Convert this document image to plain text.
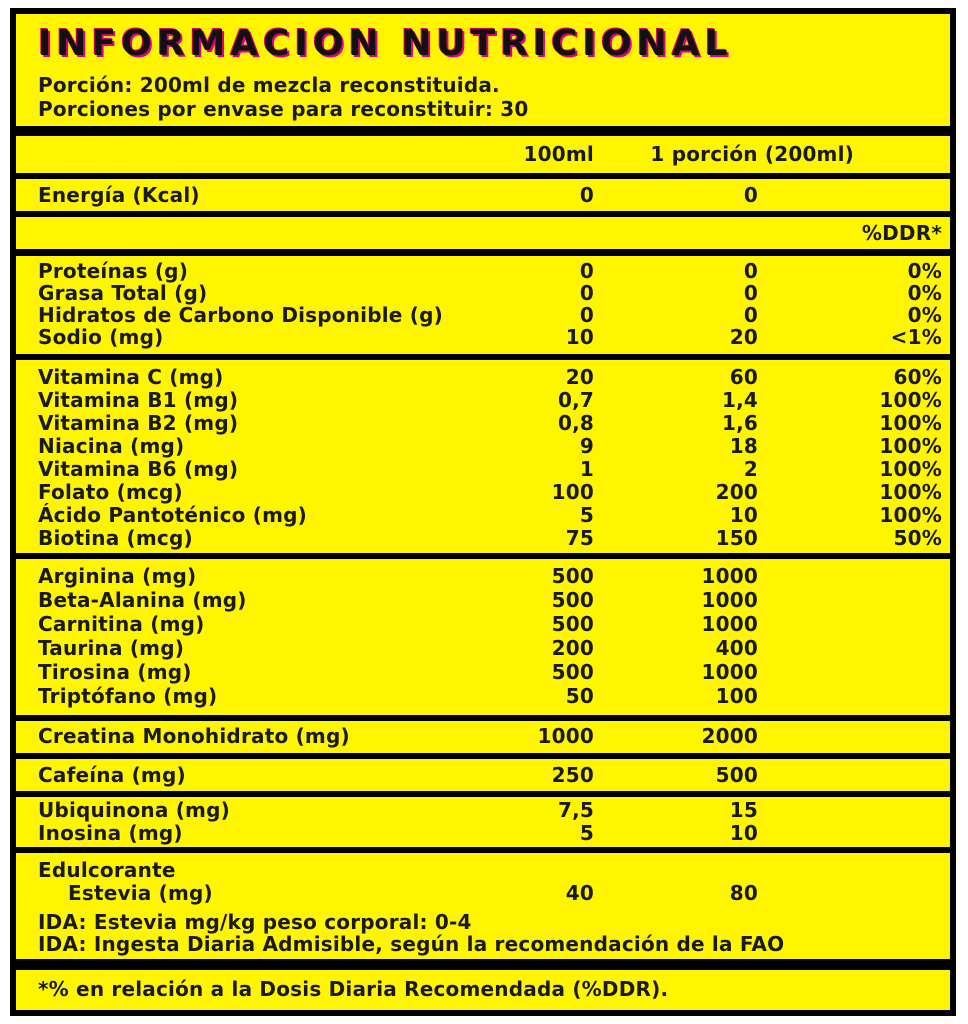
INFORMACION NUTRICIONAL
Porción: 200ml de mezcla reconstituida.
Porciones por envase para reconstituir: 30
100ml	1 porción (200ml)
Energía (Kcal)	0	0
%DDR*
Proteínas (g)	0	0	0%
Grasa Total (g)	0	0	0%
Hidratos de Carbono Disponible (g)	0	0	0%
Sodio (mg)	10	20	<1%
Vitamina C (mg)	20	60	60%
Vitamina B1 (mg)	0,7	1,4	100%
Vitamina B2 (mg)	0,8	1,6	100%
Niacina (mg)	9	18	100%
Vitamina B6 (mg)	1	2	100%
Folato (mcg)	100	200	100%
Ácido Pantoténico (mg)	5	10	100%
Biotina (mcg)	75	150	50%
Arginina (mg)	500	1000
Beta-Alanina (mg)	500	1000
Carnitina (mg)	500	1000
Taurina (mg)	200	400
Tirosina (mg)	500	1000
Triptófano (mg)	50	100
Creatina Monohidrato (mg)	1000	2000
Cafeína (mg)	250	500
Ubiquinona (mg)	7,5	15
Inosina (mg)	5	10
Edulcorante
Estevia (mg)	40	80
IDA: Estevia mg/kg peso corporal: 0-4
IDA: Ingesta Diaria Admisible, según la recomendación de la FAO
*% en relación a la Dosis Diaria Recomendada (%DDR).
